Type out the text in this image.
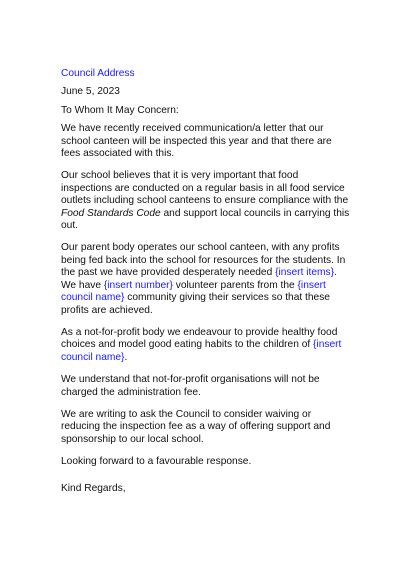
Council Address

June 5, 2023

To Whom It May Concern:

We have recently received communication/a letter that our school canteen will be inspected this year and that there are fees associated with this.

Our school believes that it is very important that food inspections are conducted on a regular basis in all food service outlets including school canteens to ensure compliance with the Food Standards Code and support local councils in carrying this out.

Our parent body operates our school canteen, with any profits being fed back into the school for resources for the students. In the past we have provided desperately needed {insert items}. We have {insert number} volunteer parents from the {insert council name} community giving their services so that these profits are achieved.

As a not-for-profit body we endeavour to provide healthy food choices and model good eating habits to the children of {insert council name}.

We understand that not-for-profit organisations will not be charged the administration fee.

We are writing to ask the Council to consider waiving or reducing the inspection fee as a way of offering support and sponsorship to our local school.

Looking forward to a favourable response.

Kind Regards,
